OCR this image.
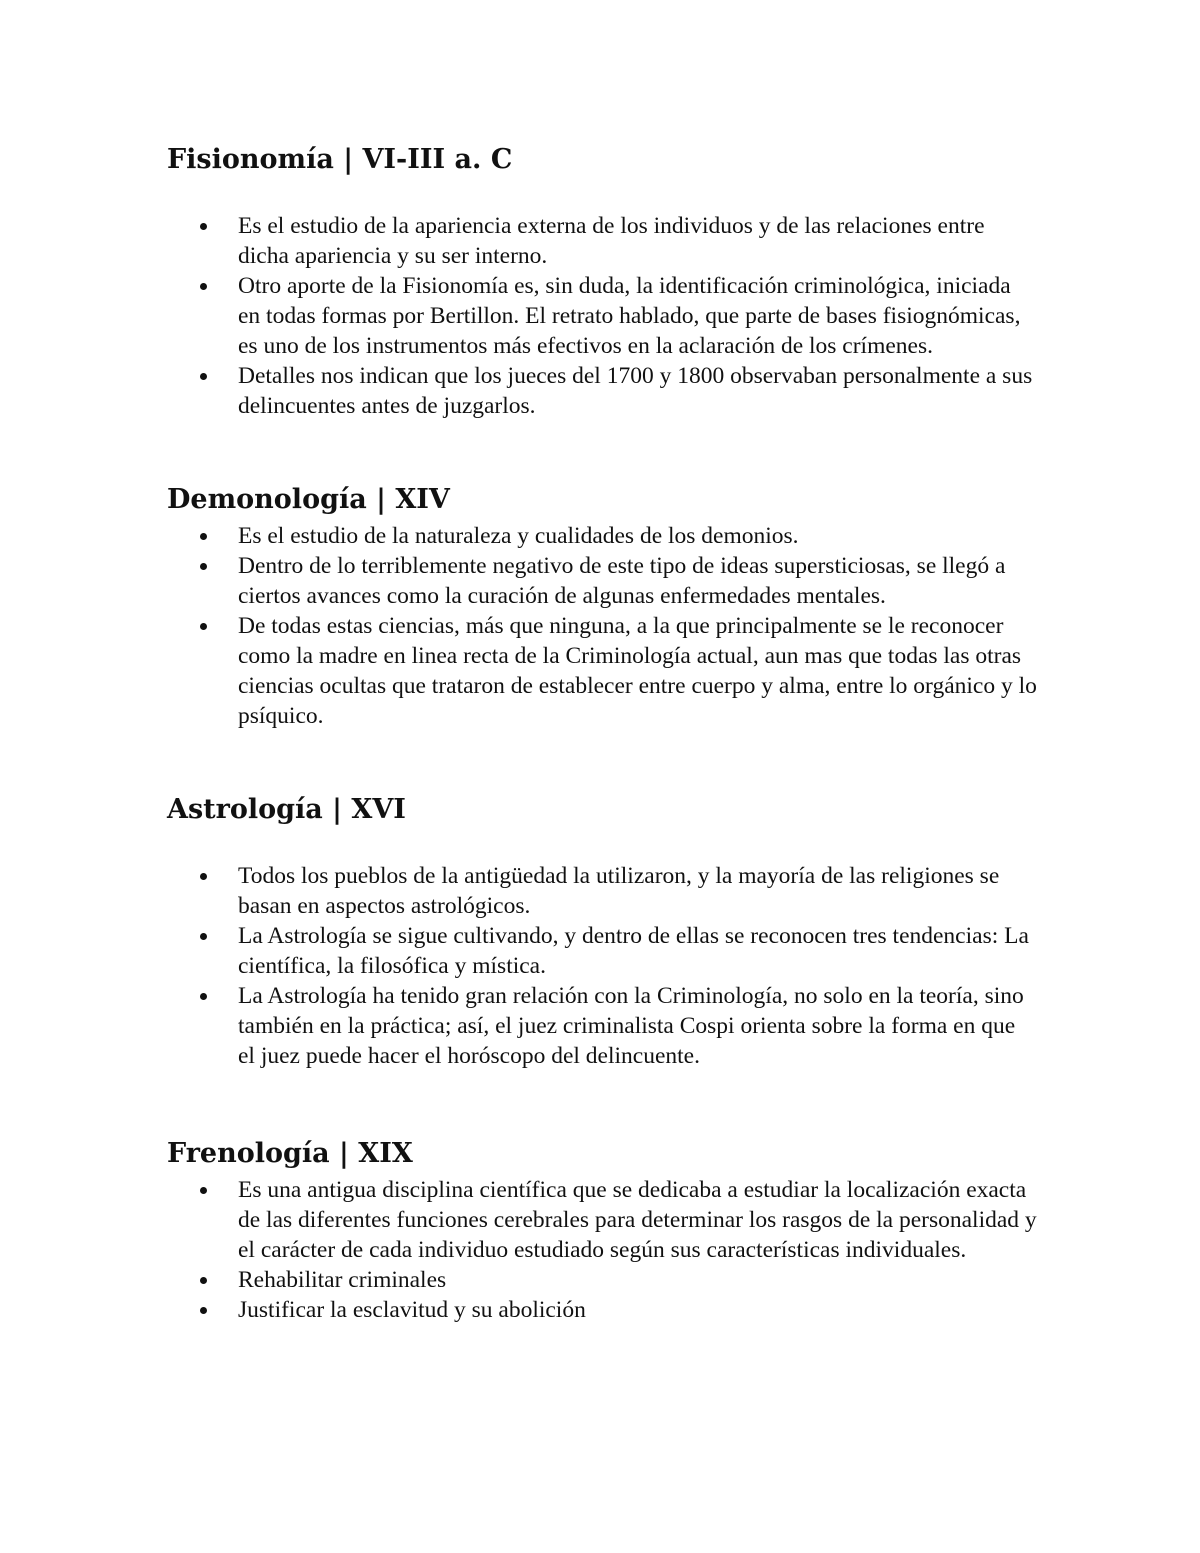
Fisionomía | VI-III a. C
Es el estudio de la apariencia externa de los individuos y de las relaciones entre dicha apariencia y su ser interno.
Otro aporte de la Fisionomía es, sin duda, la identificación criminológica, iniciada en todas formas por Bertillon. El retrato hablado, que parte de bases fisiognómicas, es uno de los instrumentos más efectivos en la aclaración de los crímenes.
Detalles nos indican que los jueces del 1700 y 1800 observaban personalmente a sus delincuentes antes de juzgarlos.
Demonología | XIV
Es el estudio de la naturaleza y cualidades de los demonios.
Dentro de lo terriblemente negativo de este tipo de ideas supersticiosas, se llegó a ciertos avances como la curación de algunas enfermedades mentales.
De todas estas ciencias, más que ninguna, a la que principalmente se le reconocer como la madre en linea recta de la Criminología actual, aun mas que todas las otras ciencias ocultas que trataron de establecer entre cuerpo y alma, entre lo orgánico y lo psíquico.
Astrología | XVI
Todos los pueblos de la antigüedad la utilizaron, y la mayoría de las religiones se basan en aspectos astrológicos.
La Astrología se sigue cultivando, y dentro de ellas se reconocen tres tendencias: La científica, la filosófica y mística.
La Astrología ha tenido gran relación con la Criminología, no solo en la teoría, sino también en la práctica; así, el juez criminalista Cospi orienta sobre la forma en que el juez puede hacer el horóscopo del delincuente.
Frenología | XIX
Es una antigua disciplina científica que se dedicaba a estudiar la localización exacta de las diferentes funciones cerebrales para determinar los rasgos de la personalidad y el carácter de cada individuo estudiado según sus características individuales.
Rehabilitar criminales
Justificar la esclavitud y su abolición
